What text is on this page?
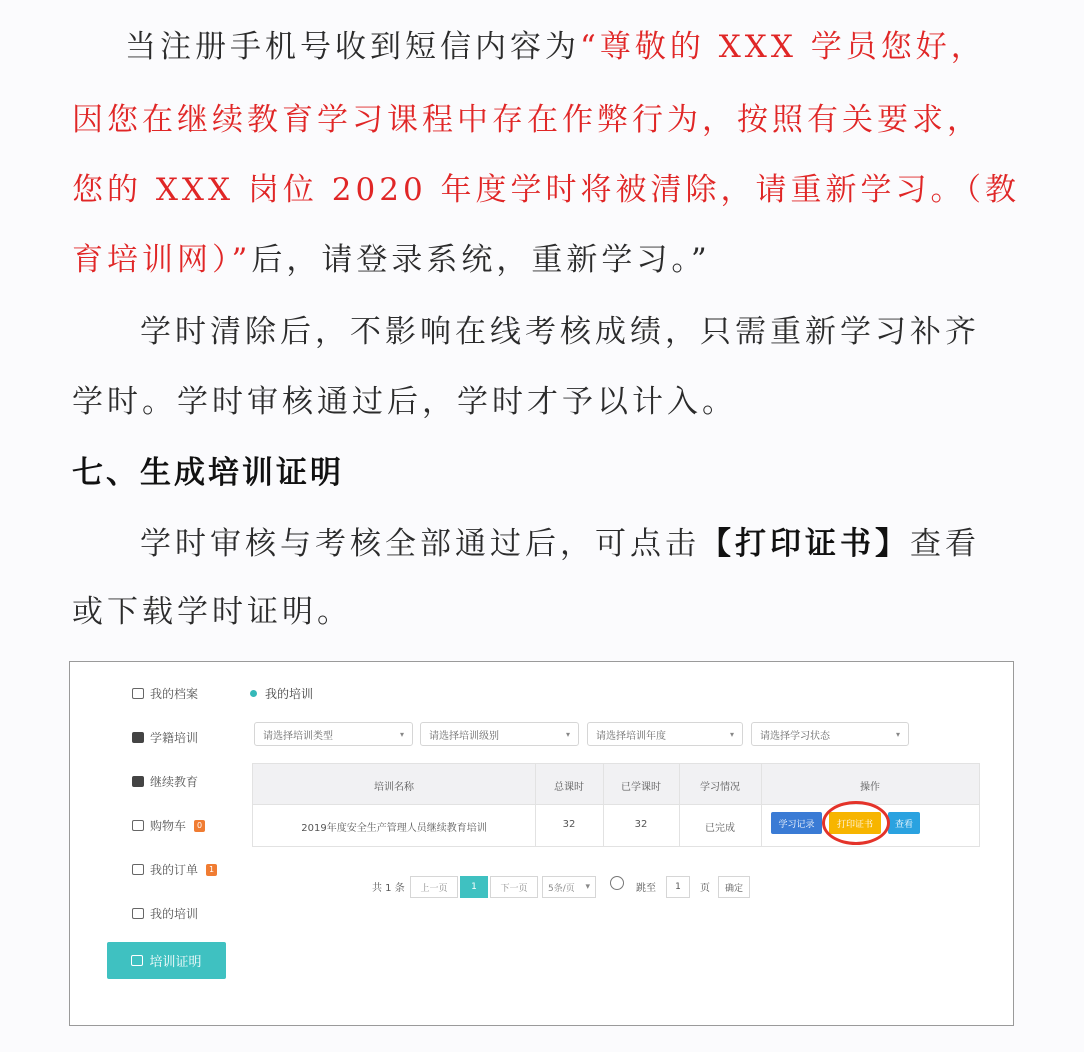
当注册手机号收到短信内容为“尊敬的 XXX 学员您好，
因您在继续教育学习课程中存在作弊行为，按照有关要求，
您的 XXX 岗位 2020 年度学时将被清除，请重新学习。（教
育培训网）”后，请登录系统，重新学习。”
学时清除后，不影响在线考核成绩，只需重新学习补齐
学时。学时审核通过后，学时才予以计入。
七、生成培训证明
学时审核与考核全部通过后，可点击【打印证书】查看
或下载学时证明。
我的档案
学籍培训
继续教育
购物车	0
我的订单	1
我的培训
培训证明
我的培训
请选择培训类型	▾	请选择培训级别	▾	请选择培训年度	▾	请选择学习状态	▾
培训名称	总课时	已学课时	学习情况	操作
2019年度安全生产管理人员继续教育培训	32	32	已完成	学习记录	打印证书	查看
共 1 条	上一页	1	下一页	5条/页 ▾	跳至	1	页	确定
